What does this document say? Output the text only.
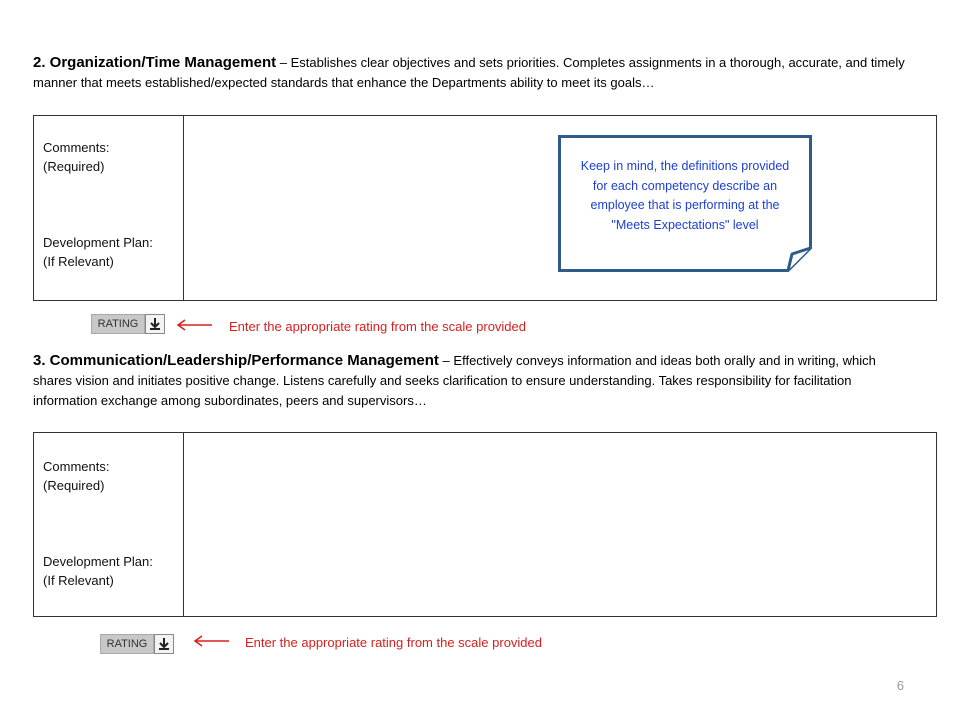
2. Organization/Time Management – Establishes clear objectives and sets priorities. Completes assignments in a thorough, accurate, and timely manner that meets established/expected standards that enhance the Departments ability to meet its goals…
Comments:
(Required)
Development Plan:
(If Relevant)
Keep in mind, the definitions provided for each competency describe an employee that is performing at the "Meets Expectations" level
RATING	Enter the appropriate rating from the scale provided
3. Communication/Leadership/Performance Management – Effectively conveys information and ideas both orally and in writing, which shares vision and initiates positive change. Listens carefully and seeks clarification to ensure understanding. Takes responsibility for facilitation information exchange among subordinates, peers and supervisors…
Comments:
(Required)
Development Plan:
(If Relevant)
RATING	Enter the appropriate rating from the scale provided
6
